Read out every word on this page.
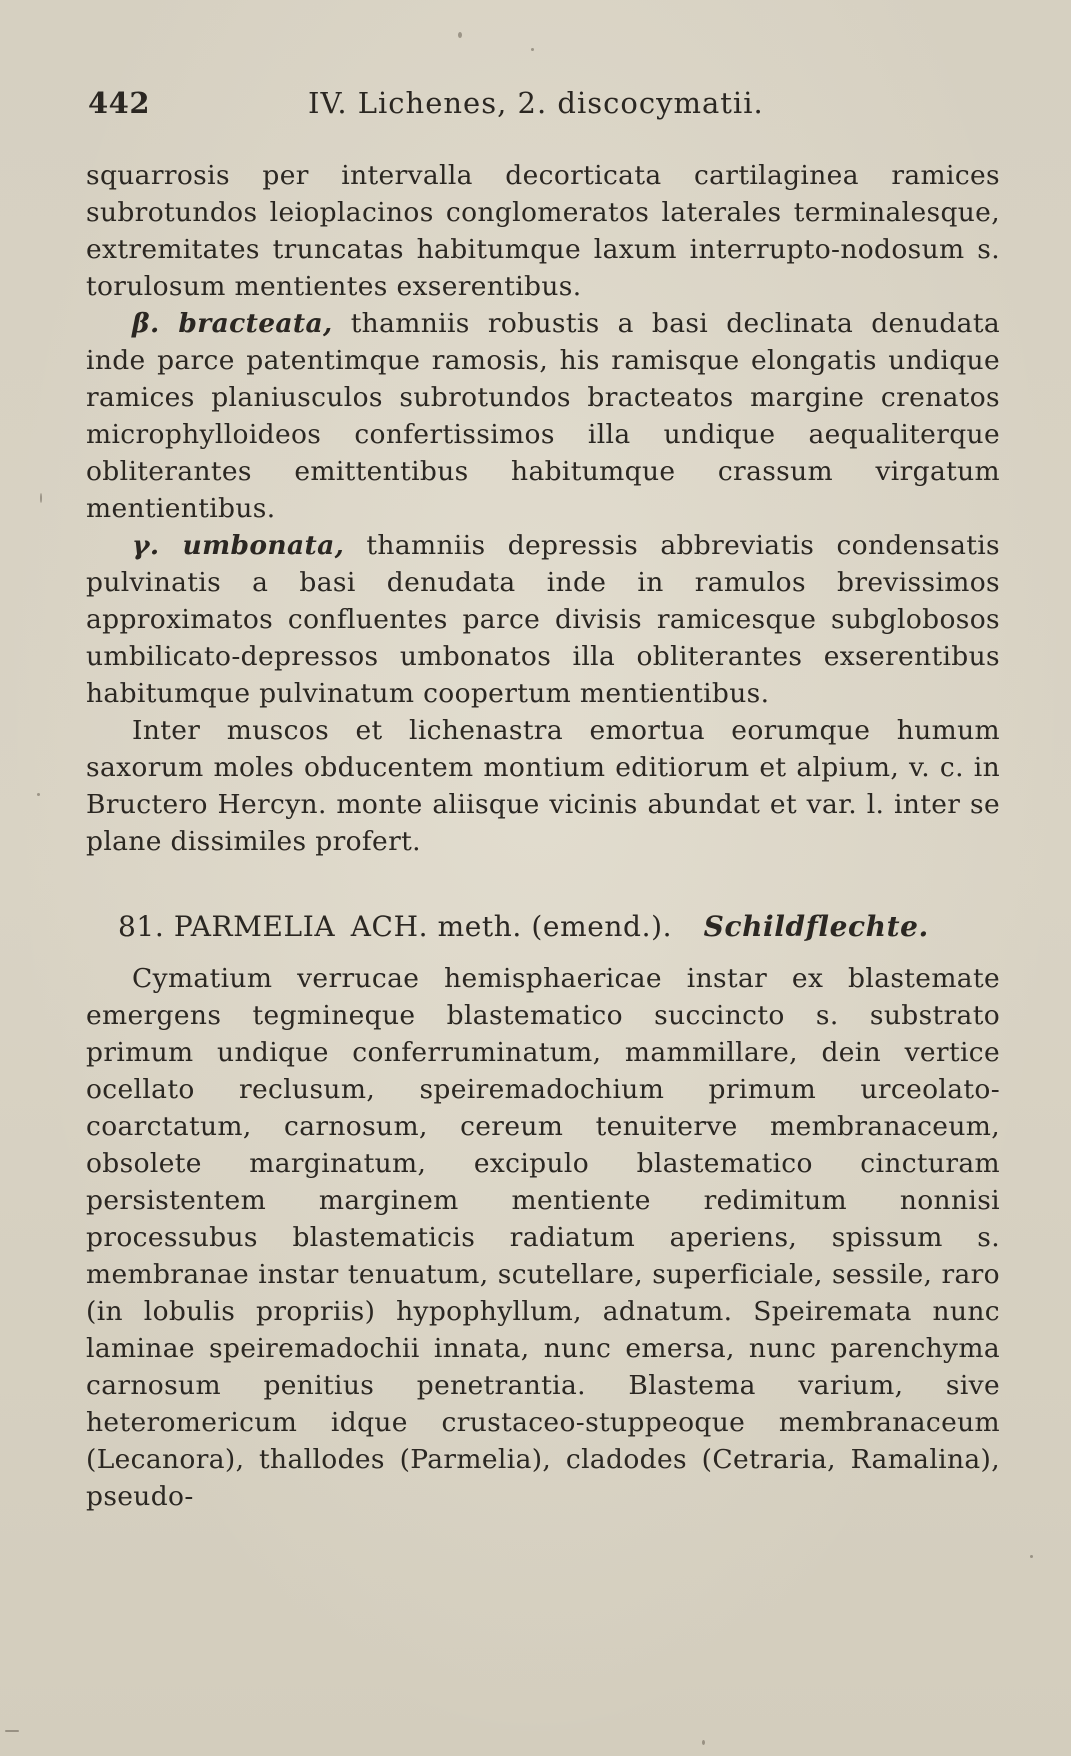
442	IV. Lichenes, 2. discocymatii.

squarrosis per intervalla decorticata cartilaginea ramices subrotundos leioplacinos conglomeratos laterales terminalesque, extremitates truncatas habitumque laxum interrupto-nodosum s. torulosum mentientes exserentibus.

β. bracteata, thamniis robustis a basi declinata denudata inde parce patentimque ramosis, his ramisque elongatis undique ramices planiusculos subrotundos bracteatos margine crenatos microphylloideos confertissimos illa undique aequaliterque obliterantes emittentibus habitumque crassum virgatum mentientibus.

γ. umbonata, thamniis depressis abbreviatis condensatis pulvinatis a basi denudata inde in ramulos brevissimos approximatos confluentes parce divisis ramicesque subglobosos umbilicato-depressos umbonatos illa obliterantes exserentibus habitumque pulvinatum coopertum mentientibus.

Inter muscos et lichenastra emortua eorumque humum saxorum moles obducentem montium editiorum et alpium, v. c. in Bructero Hercyn. monte aliisque vicinis abundat et var. l. inter se plane dissimiles profert.

81. PARMELIA ACH. meth. (emend.). Schildflechte.

Cymatium verrucae hemisphaericae instar ex blastemate emergens tegmineque blastematico succincto s. substrato primum undique conferruminatum, mammillare, dein vertice ocellato reclusum, speiremadochium primum urceolato-coarctatum, carnosum, cereum tenuiterve membranaceum, obsolete marginatum, excipulo blastematico cincturam persistentem marginem mentiente redimitum nonnisi processubus blastematicis radiatum aperiens, spissum s. membranae instar tenuatum, scutellare, superficiale, sessile, raro (in lobulis propriis) hypophyllum, adnatum. Speiremata nunc laminae speiremadochii innata, nunc emersa, nunc parenchyma carnosum penitius penetrantia. Blastema varium, sive heteromericum idque crustaceo-stuppeoque membranaceum (Lecanora), thallodes (Parmelia), cladodes (Cetraria, Ramalina), pseudo-
